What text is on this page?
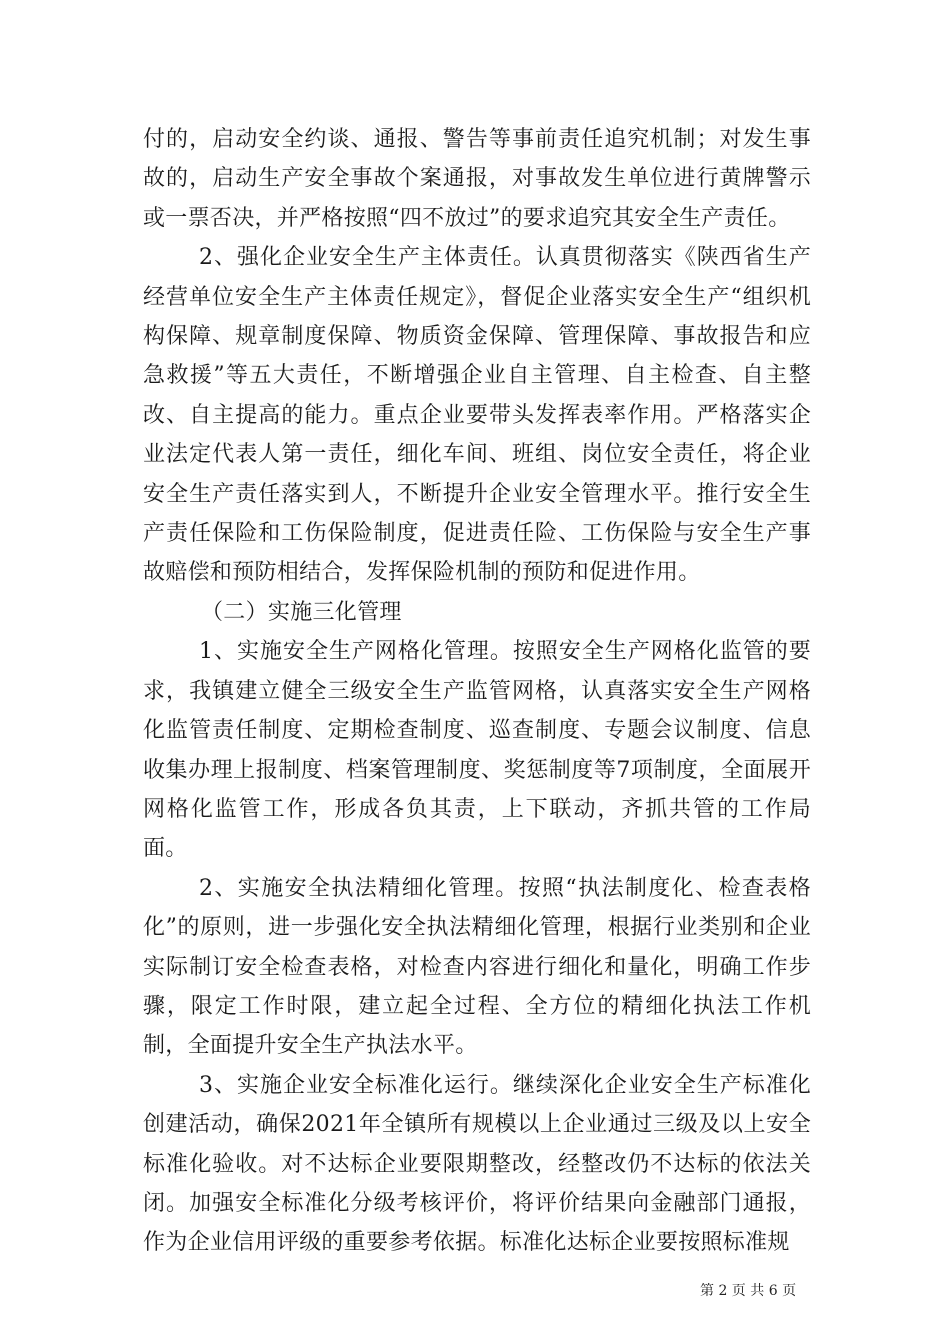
付的，启动安全约谈、通报、警告等事前责任追究机制；对发生事故的，启动生产安全事故个案通报，对事故发生单位进行黄牌警示或一票否决，并严格按照“四不放过”的要求追究其安全生产责任。

2、强化企业安全生产主体责任。认真贯彻落实《陕西省生产经营单位安全生产主体责任规定》，督促企业落实安全生产“组织机构保障、规章制度保障、物质资金保障、管理保障、事故报告和应急救援”等五大责任，不断增强企业自主管理、自主检查、自主整改、自主提高的能力。重点企业要带头发挥表率作用。严格落实企业法定代表人第一责任，细化车间、班组、岗位安全责任，将企业安全生产责任落实到人，不断提升企业安全管理水平。推行安全生产责任保险和工伤保险制度，促进责任险、工伤保险与安全生产事故赔偿和预防相结合，发挥保险机制的预防和促进作用。

（二）实施三化管理

1、实施安全生产网格化管理。按照安全生产网格化监管的要求，我镇建立健全三级安全生产监管网格，认真落实安全生产网格化监管责任制度、定期检查制度、巡查制度、专题会议制度、信息收集办理上报制度、档案管理制度、奖惩制度等7项制度，全面展开网格化监管工作，形成各负其责，上下联动，齐抓共管的工作局面。

2、实施安全执法精细化管理。按照“执法制度化、检查表格化”的原则，进一步强化安全执法精细化管理，根据行业类别和企业实际制订安全检查表格，对检查内容进行细化和量化，明确工作步骤，限定工作时限，建立起全过程、全方位的精细化执法工作机制，全面提升安全生产执法水平。

3、实施企业安全标准化运行。继续深化企业安全生产标准化创建活动，确保2021年全镇所有规模以上企业通过三级及以上安全标准化验收。对不达标企业要限期整改，经整改仍不达标的依法关闭。加强安全标准化分级考核评价，将评价结果向金融部门通报，作为企业信用评级的重要参考依据。标准化达标企业要按照标准规

第 2 页 共 6 页
